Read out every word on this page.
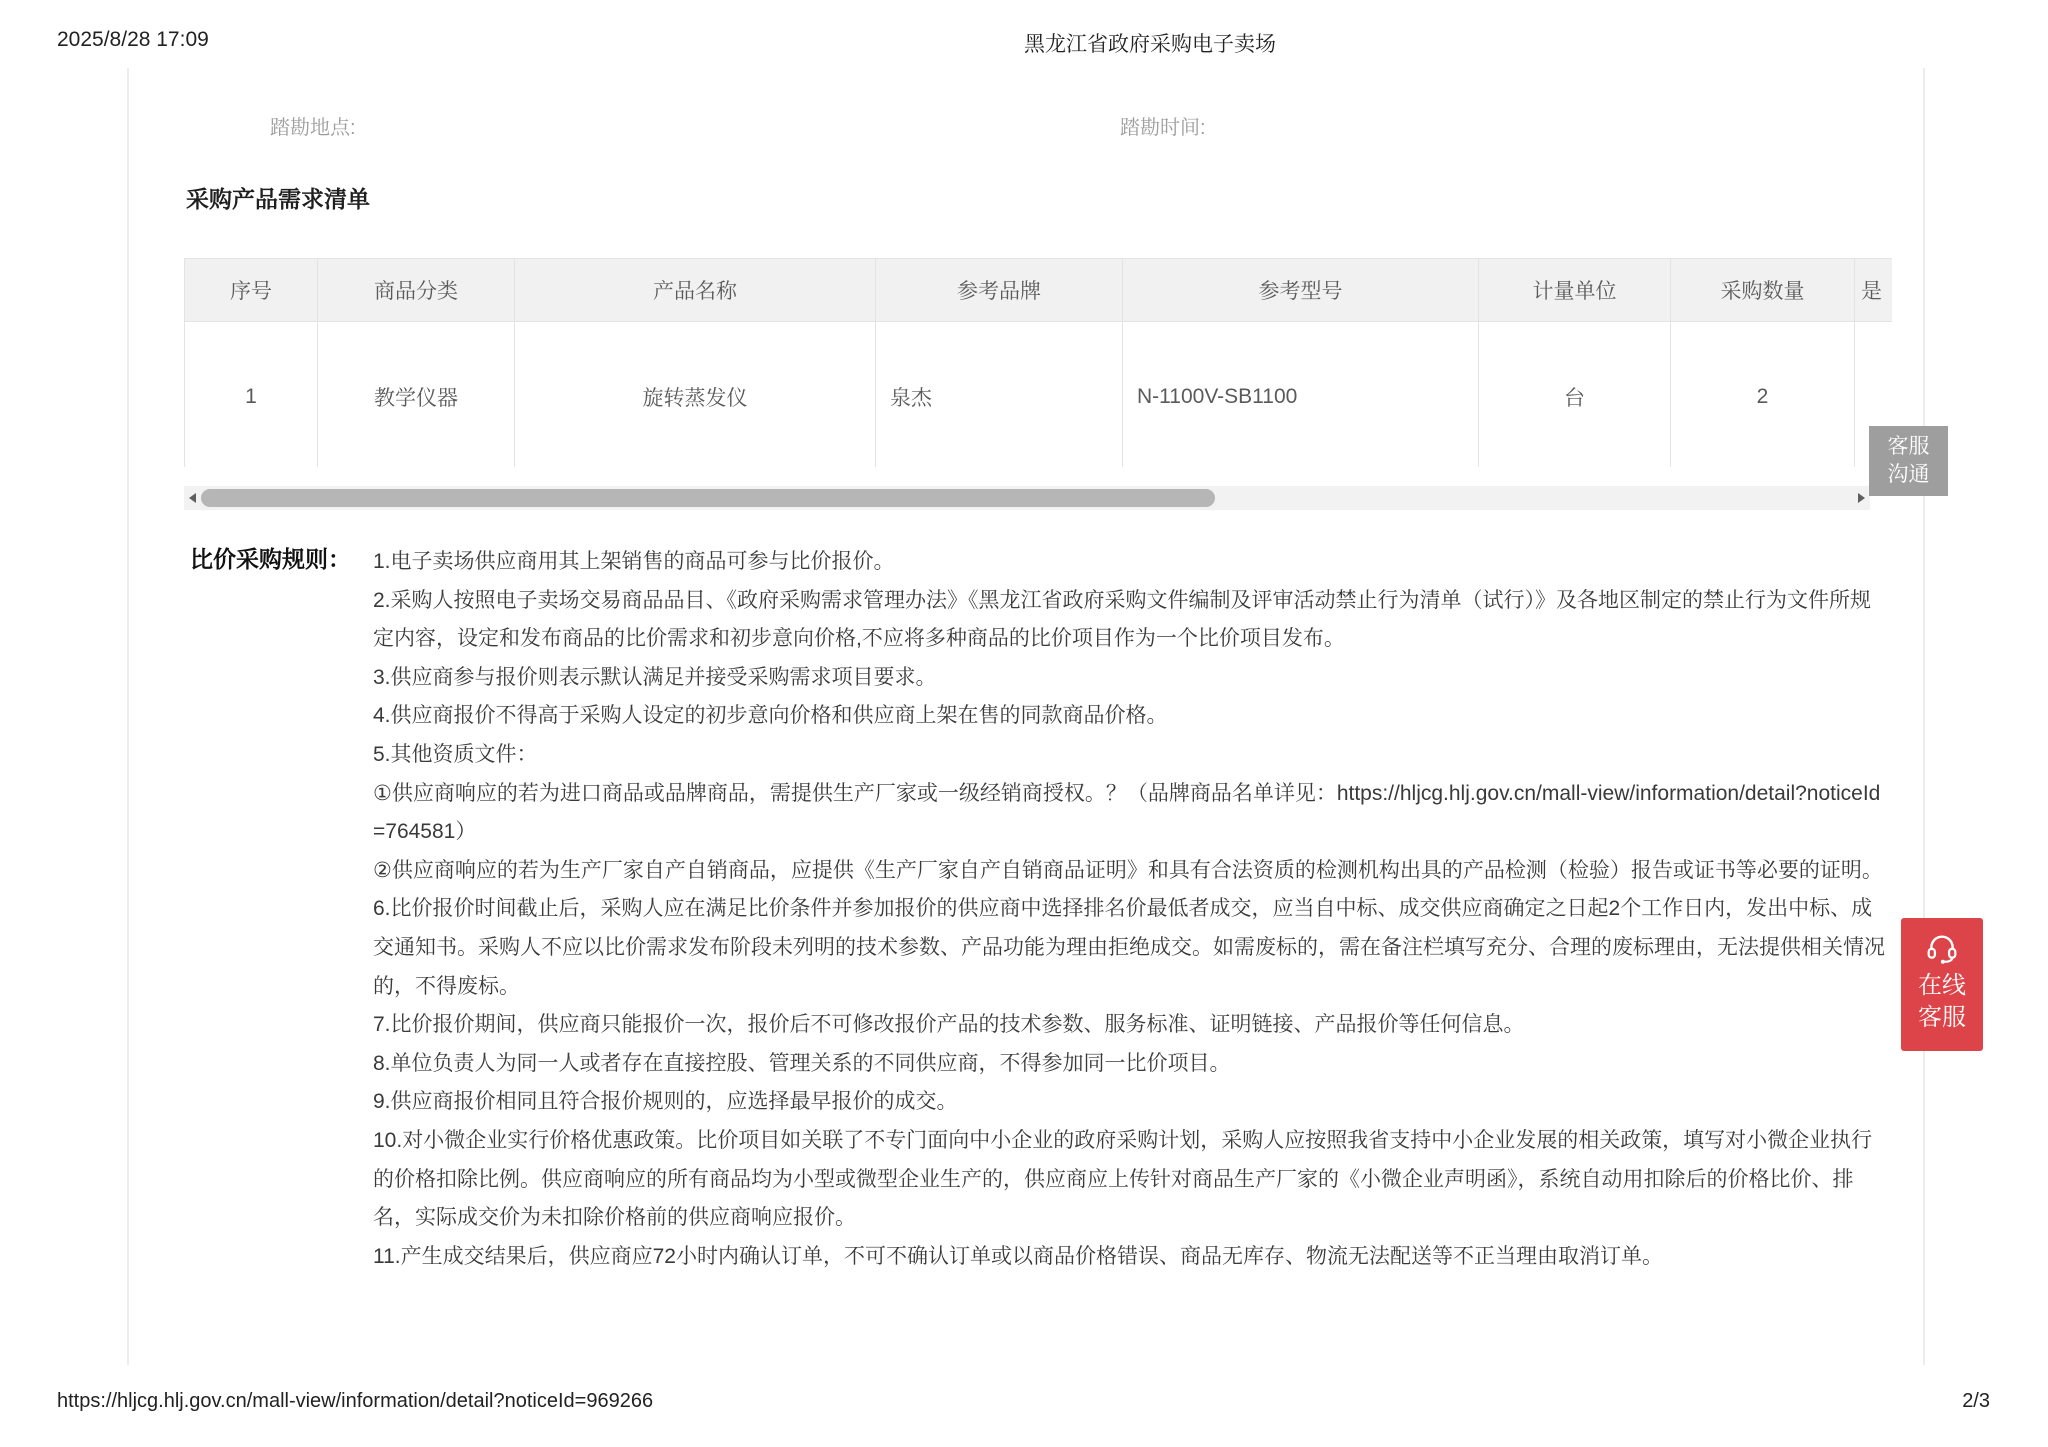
2025/8/28 17:09	黑龙江省政府采购电子卖场
踏勘地点:	踏勘时间:
采购产品需求清单
序号	商品分类	产品名称	参考品牌	参考型号	计量单位	采购数量	是
1	教学仪器	旋转蒸发仪	泉杰	N-1100V-SB1100	台	2	
客服
沟通
比价采购规则： 1.电子卖场供应商用其上架销售的商品可参与比价报价。

2.采购人按照电子卖场交易商品品目、《政府采购需求管理办法》《黑龙江省政府采购文件编制及评审活动禁止行为清单（试行）》及各地区制定的禁止行为文件所规定内容，设定和发布商品的比价需求和初步意向价格,不应将多种商品的比价项目作为一个比价项目发布。

3.供应商参与报价则表示默认满足并接受采购需求项目要求。

4.供应商报价不得高于采购人设定的初步意向价格和供应商上架在售的同款商品价格。

5.其他资质文件：

①供应商响应的若为进口商品或品牌商品，需提供生产厂家或一级经销商授权。？（品牌商品名单详见：https://hljcg.hlj.gov.cn/mall-view/information/detail?noticeId=764581）

②供应商响应的若为生产厂家自产自销商品，应提供《生产厂家自产自销商品证明》和具有合法资质的检测机构出具的产品检测（检验）报告或证书等必要的证明。

6.比价报价时间截止后，采购人应在满足比价条件并参加报价的供应商中选择排名价最低者成交，应当自中标、成交供应商确定之日起2个工作日内，发出中标、成交通知书。采购人不应以比价需求发布阶段未列明的技术参数、产品功能为理由拒绝成交。如需废标的，需在备注栏填写充分、合理的废标理由，无法提供相关情况的，不得废标。

7.比价报价期间，供应商只能报价一次，报价后不可修改报价产品的技术参数、服务标准、证明链接、产品报价等任何信息。

8.单位负责人为同一人或者存在直接控股、管理关系的不同供应商，不得参加同一比价项目。

9.供应商报价相同且符合报价规则的，应选择最早报价的成交。

10.对小微企业实行价格优惠政策。比价项目如关联了不专门面向中小企业的政府采购计划，采购人应按照我省支持中小企业发展的相关政策，填写对小微企业执行的价格扣除比例。供应商响应的所有商品均为小型或微型企业生产的，供应商应上传针对商品生产厂家的《小微企业声明函》，系统自动用扣除后的价格比价、排名，实际成交价为未扣除价格前的供应商响应报价。

11.产生成交结果后，供应商应72小时内确认订单，不可不确认订单或以商品价格错误、商品无库存、物流无法配送等不正当理由取消订单。

在线
客服
https://hljcg.hlj.gov.cn/mall-view/information/detail?noticeId=969266	2/3
